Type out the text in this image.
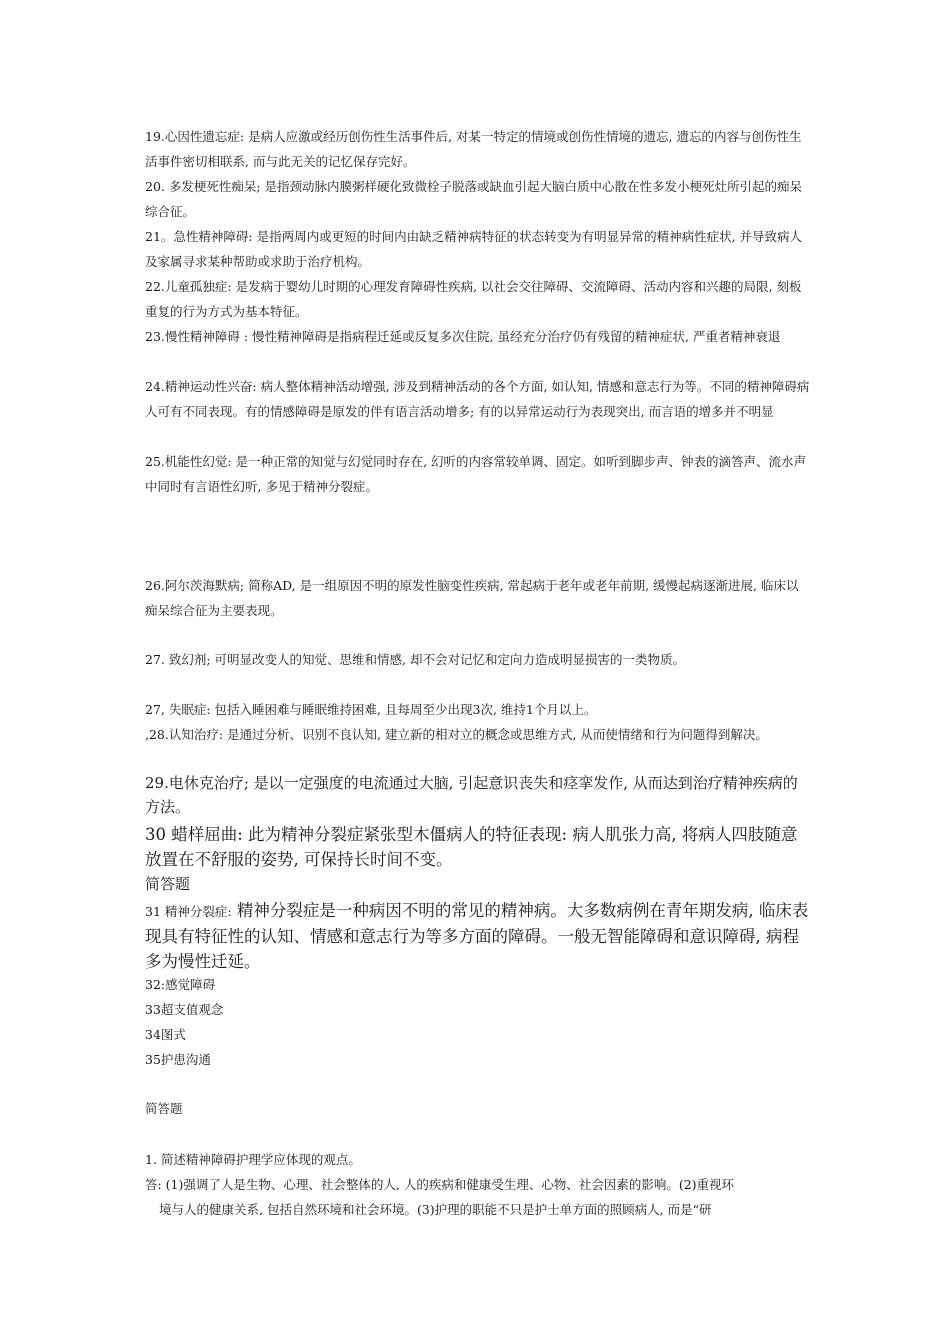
19.心因性遗忘症: 是病人应激或经历创伤性生活事件后, 对某一特定的情境或创伤性情境的遗忘, 遗忘的内容与创伤性生活事件密切相联系, 而与此无关的记忆保存完好。

20. 多发梗死性痴呆; 是指颈动脉内膜粥样硬化致微栓子脱落或缺血引起大脑白质中心散在性多发小梗死灶所引起的痴呆综合征。

21。急性精神障碍: 是指两周内或更短的时间内由缺乏精神病特征的状态转变为有明显异常的精神病性症状, 并导致病人及家属寻求某种帮助或求助于治疗机构。

22.儿童孤独症: 是发病于婴幼儿时期的心理发育障碍性疾病, 以社会交往障碍、交流障碍、活动内容和兴趣的局限, 刻板重复的行为方式为基本特征。

23.慢性精神障碍 : 慢性精神障碍是指病程迁延或反复多次住院, 虽经充分治疗仍有残留的精神症状, 严重者精神衰退

24.精神运动性兴奋: 病人整体精神活动增强, 涉及到精神活动的各个方面, 如认知, 情感和意志行为等。不同的精神障碍病人可有不同表现。有的情感障碍是原发的伴有语言活动增多; 有的以异常运动行为表现突出, 而言语的增多并不明显

25.机能性幻觉: 是一种正常的知觉与幻觉同时存在, 幻听的内容常较单调、固定。如听到脚步声、钟表的滴答声、流水声中同时有言语性幻听, 多见于精神分裂症。

26.阿尔茨海默病; 简称AD, 是一组原因不明的原发性脑变性疾病, 常起病于老年或老年前期, 缓慢起病逐渐进展, 临床以痴呆综合征为主要表现。

27. 致幻剂; 可明显改变人的知觉、思维和情感, 却不会对记忆和定向力造成明显损害的一类物质。

27, 失眠症: 包括入睡困难与睡眠维持困难, 且每周至少出现3次, 维持1个月以上。

,28.认知治疗: 是通过分析、识别不良认知, 建立新的相对立的概念或思维方式, 从而使情绪和行为问题得到解决。

29.电休克治疗; 是以一定强度的电流通过大脑, 引起意识丧失和痉挛发作, 从而达到治疗精神疾病的方法。

30 蜡样屈曲: 此为精神分裂症紧张型木僵病人的特征表现: 病人肌张力高, 将病人四肢随意放置在不舒服的姿势, 可保持长时间不变。

简答题

31 精神分裂症: 精神分裂症是一种病因不明的常见的精神病。大多数病例在青年期发病, 临床表现具有特征性的认知、情感和意志行为等多方面的障碍。一般无智能障碍和意识障碍, 病程多为慢性迁延。

32:感觉障碍

33超支值观念

34图式

35护患沟通

简答题

1. 简述精神障碍护理学应体现的观点。

答: (1)强调了人是生物、心理、社会整体的人, 人的疾病和健康受生理、心物、社会因素的影响。(2)重视环

境与人的健康关系, 包括自然环境和社会环境。(3)护理的职能不只是护士单方面的照顾病人, 而是“研
